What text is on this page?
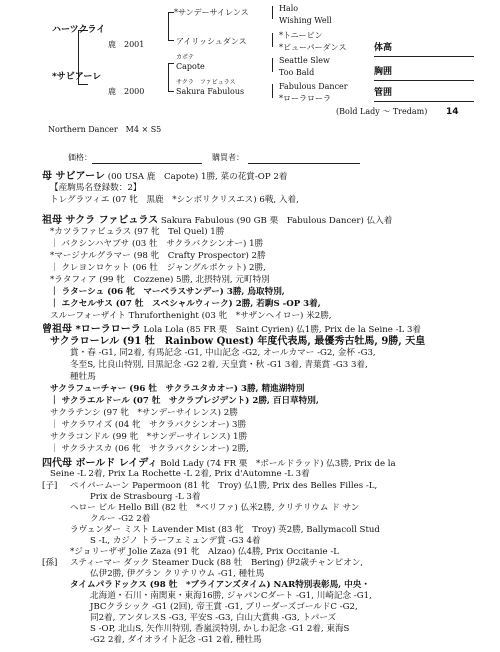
ハーツクライ
鹿　2001
*サビアーレ
鹿　2000
*サンデーサイレンス
アイリッシュダンス
カポテ
Capote
サクラ　ファビュラス
Sakura Fabulous
Halo
Wishing Well
*トニービン
*ビューパーダンス
Seattle Slew
Too Bald
Fabulous Dancer
*ローラローラ
体高
胸囲
管囲
(Bold Lady ～ Tredam) 14
Northern Dancer　M4 × S5
価格：	購買者：
母 サビアーレ (00 USA 鹿　Capote) 1勝, 菜の花賞-OP 2着
【産駒馬名登録数：2】
トレグラツィエ (07 牝　黒鹿　*シンボリクリスエス) 6戦, 入着,
祖母 サクラ ファビュラス Sakura Fabulous (90 GB 栗　Fabulous Dancer) 仏入着
*カツラファビュラス (97 牝　Tel Quel) 1勝
｜ バクシンハヤブサ (03 牡　サクラバクシンオー) 1勝
*マージナルグラマー (98 牝　Crafty Prospector) 2勝
｜ クレヨンロケット (06 牡　ジャングルポケット) 2勝,
*ラタフィア (99 牝　Cozzene) 5勝, 北摂特別, 元町特別
｜ ラターシュ (06 牝　マーベラスサンデー) 3勝, 烏取特別,
｜ エクセルサス (07 牡　スペシャルウィーク) 2勝, 若駒S -OP 3着,
スルーフォーザイト Thruforthenight (03 牝　*サザンヘイロー) 米2勝,
曾祖母 *ローラローラ Lola Lola (85 FR 栗　Saint Cyrien) 仏1勝, Prix de la Seine -L 3着
サクラローレル (91 牡　Rainbow Quest) 年度代表馬, 最優秀古牡馬, 9勝, 天皇
賞・春 -G1, 同2着, 有馬記念 -G1, 中山記念 -G2, オールカマー -G2, 金杯 -G3,
冬至S, 比良山特別, 目黒記念 -G2 2着, 天皇賞・秋 -G1 3着, 青葉賞 -G3 3着,
種牡馬
サクラフューチャー (96 牡　サクラユタカオー) 3勝, 精進湖特別
｜ サクラエルドール (07 牡　サクラプレジデント) 2勝, 百日草特別,
サクラテンシ (97 牝　*サンデーサイレンス) 2勝
｜ サクラワイズ (04 牝　サクラバクシンオー) 3勝
サクラコンドル (99 牝　*サンデーサイレンス) 1勝
｜ サクラナスカ (06 牝　サクラバクシンオー) 2勝,
四代母 ボールド レイディ Bold Lady (74 FR 栗　*ボールドラッド) 仏3勝, Prix de la
Seine -L 2着, Prix La Rochette -L 2着, Prix d'Automne -L 3着
[子] ペイパームーン Papermoon (81 牝　Troy) 仏1勝, Prix des Belles Filles -L,
Prix de Strasbourg -L 3着
ヘロー ビル Hello Bill (82 牡　*ベリファ) 仏米2勝, クリテリウム ド サン
クルー -G2 2着
ラヴェンダー ミスト Lavender Mist (83 牝　Troy) 英2勝, Ballymacoll Stud
S -L, カジノ トラーフェミュンデ賞 -G3 4着
*ジョリーザザ Jolie Zaza (91 牝　Alzao) 仏4勝, Prix Occitanie -L
[孫] スティーマー ダック Steamer Duck (88 牡　Bering) 伊2歳チャンピオン,
仏伊2勝, 伊グラン クリテリウム -G1, 種牡馬
タイムパラドックス (98 牡　*ブライアンズタイム) NAR特別表彰馬, 中央・
北海道・石川・南関東・東海16勝, ジャパンCダート -G1, 川崎記念 -G1,
JBCクラシック -G1 (2回), 帝王賞 -G1, ブリーダーズゴールドC -G2,
同2着, アンタレスS -G3, 平安S -G3, 白山大賞典 -G3, トパーズ
S -OP, 北山S, 矢作川特別, 香嵐渓特別, かしわ記念 -G1 2着, 東海S
-G2 2着, ダイオライト記念 -G1 2着, 種牡馬
